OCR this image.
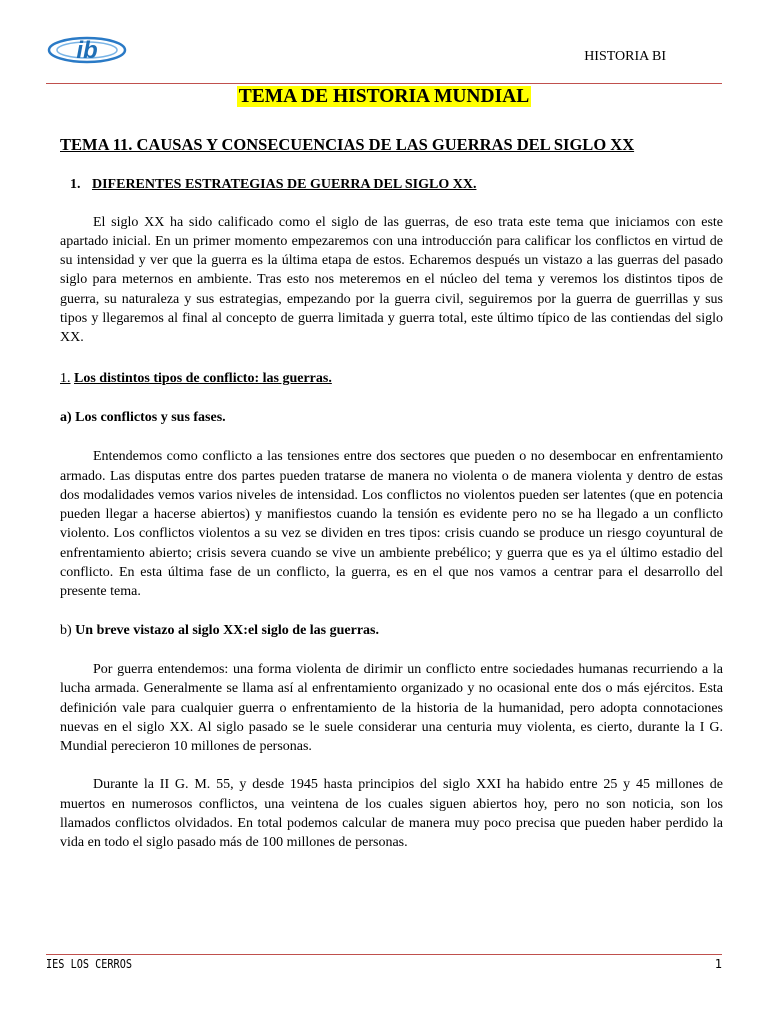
ib	HISTORIA BI
TEMA DE HISTORIA MUNDIAL
TEMA 11. CAUSAS Y CONSECUENCIAS DE LAS GUERRAS DEL SIGLO XX
1. DIFERENTES ESTRATEGIAS DE GUERRA DEL SIGLO XX.

El siglo XX ha sido calificado como el siglo de las guerras, de eso trata este tema que iniciamos con este apartado inicial. En un primer momento empezaremos con una introducción para calificar los conflictos en virtud de su intensidad y ver que la guerra es la última etapa de estos. Echaremos después un vistazo a las guerras del pasado siglo para meternos en ambiente. Tras esto nos meteremos en el núcleo del tema y veremos los distintos tipos de guerra, su naturaleza y sus estrategias, empezando por la guerra civil, seguiremos por la guerra de guerrillas y sus tipos y llegaremos al final al concepto de guerra limitada y guerra total, este último típico de las contiendas del siglo XX.

1. Los distintos tipos de conflicto: las guerras.

a) Los conflictos y sus fases.

Entendemos como conflicto a las tensiones entre dos sectores que pueden o no desembocar en enfrentamiento armado. Las disputas entre dos partes pueden tratarse de manera no violenta o de manera violenta y dentro de estas dos modalidades vemos varios niveles de intensidad. Los conflictos no violentos pueden ser latentes (que en potencia pueden llegar a hacerse abiertos) y manifiestos cuando la tensión es evidente pero no se ha llegado a un conflicto violento. Los conflictos violentos a su vez se dividen en tres tipos: crisis cuando se produce un riesgo coyuntural de enfrentamiento abierto; crisis severa cuando se vive un ambiente prebélico; y guerra que es ya el último estadio del conflicto. En esta última fase de un conflicto, la guerra, es en el que nos vamos a centrar para el desarrollo del presente tema.

b) Un breve vistazo al siglo XX:el siglo de las guerras.

Por guerra entendemos: una forma violenta de dirimir un conflicto entre sociedades humanas recurriendo a la lucha armada. Generalmente se llama así al enfrentamiento organizado y no ocasional ente dos o más ejércitos. Esta definición vale para cualquier guerra o enfrentamiento de la historia de la humanidad, pero adopta connotaciones nuevas en el siglo XX. Al siglo pasado se le suele considerar una centuria muy violenta, es cierto, durante la I G. Mundial perecieron 10 millones de personas.

Durante la II G. M. 55, y desde 1945 hasta principios del siglo XXI ha habido entre 25 y 45 millones de muertos en numerosos conflictos, una veintena de los cuales siguen abiertos hoy, pero no son noticia, son los llamados conflictos olvidados. En total podemos calcular de manera muy poco precisa que pueden haber perdido la vida en todo el siglo pasado más de 100 millones de personas.

IES LOS CERROS	1
